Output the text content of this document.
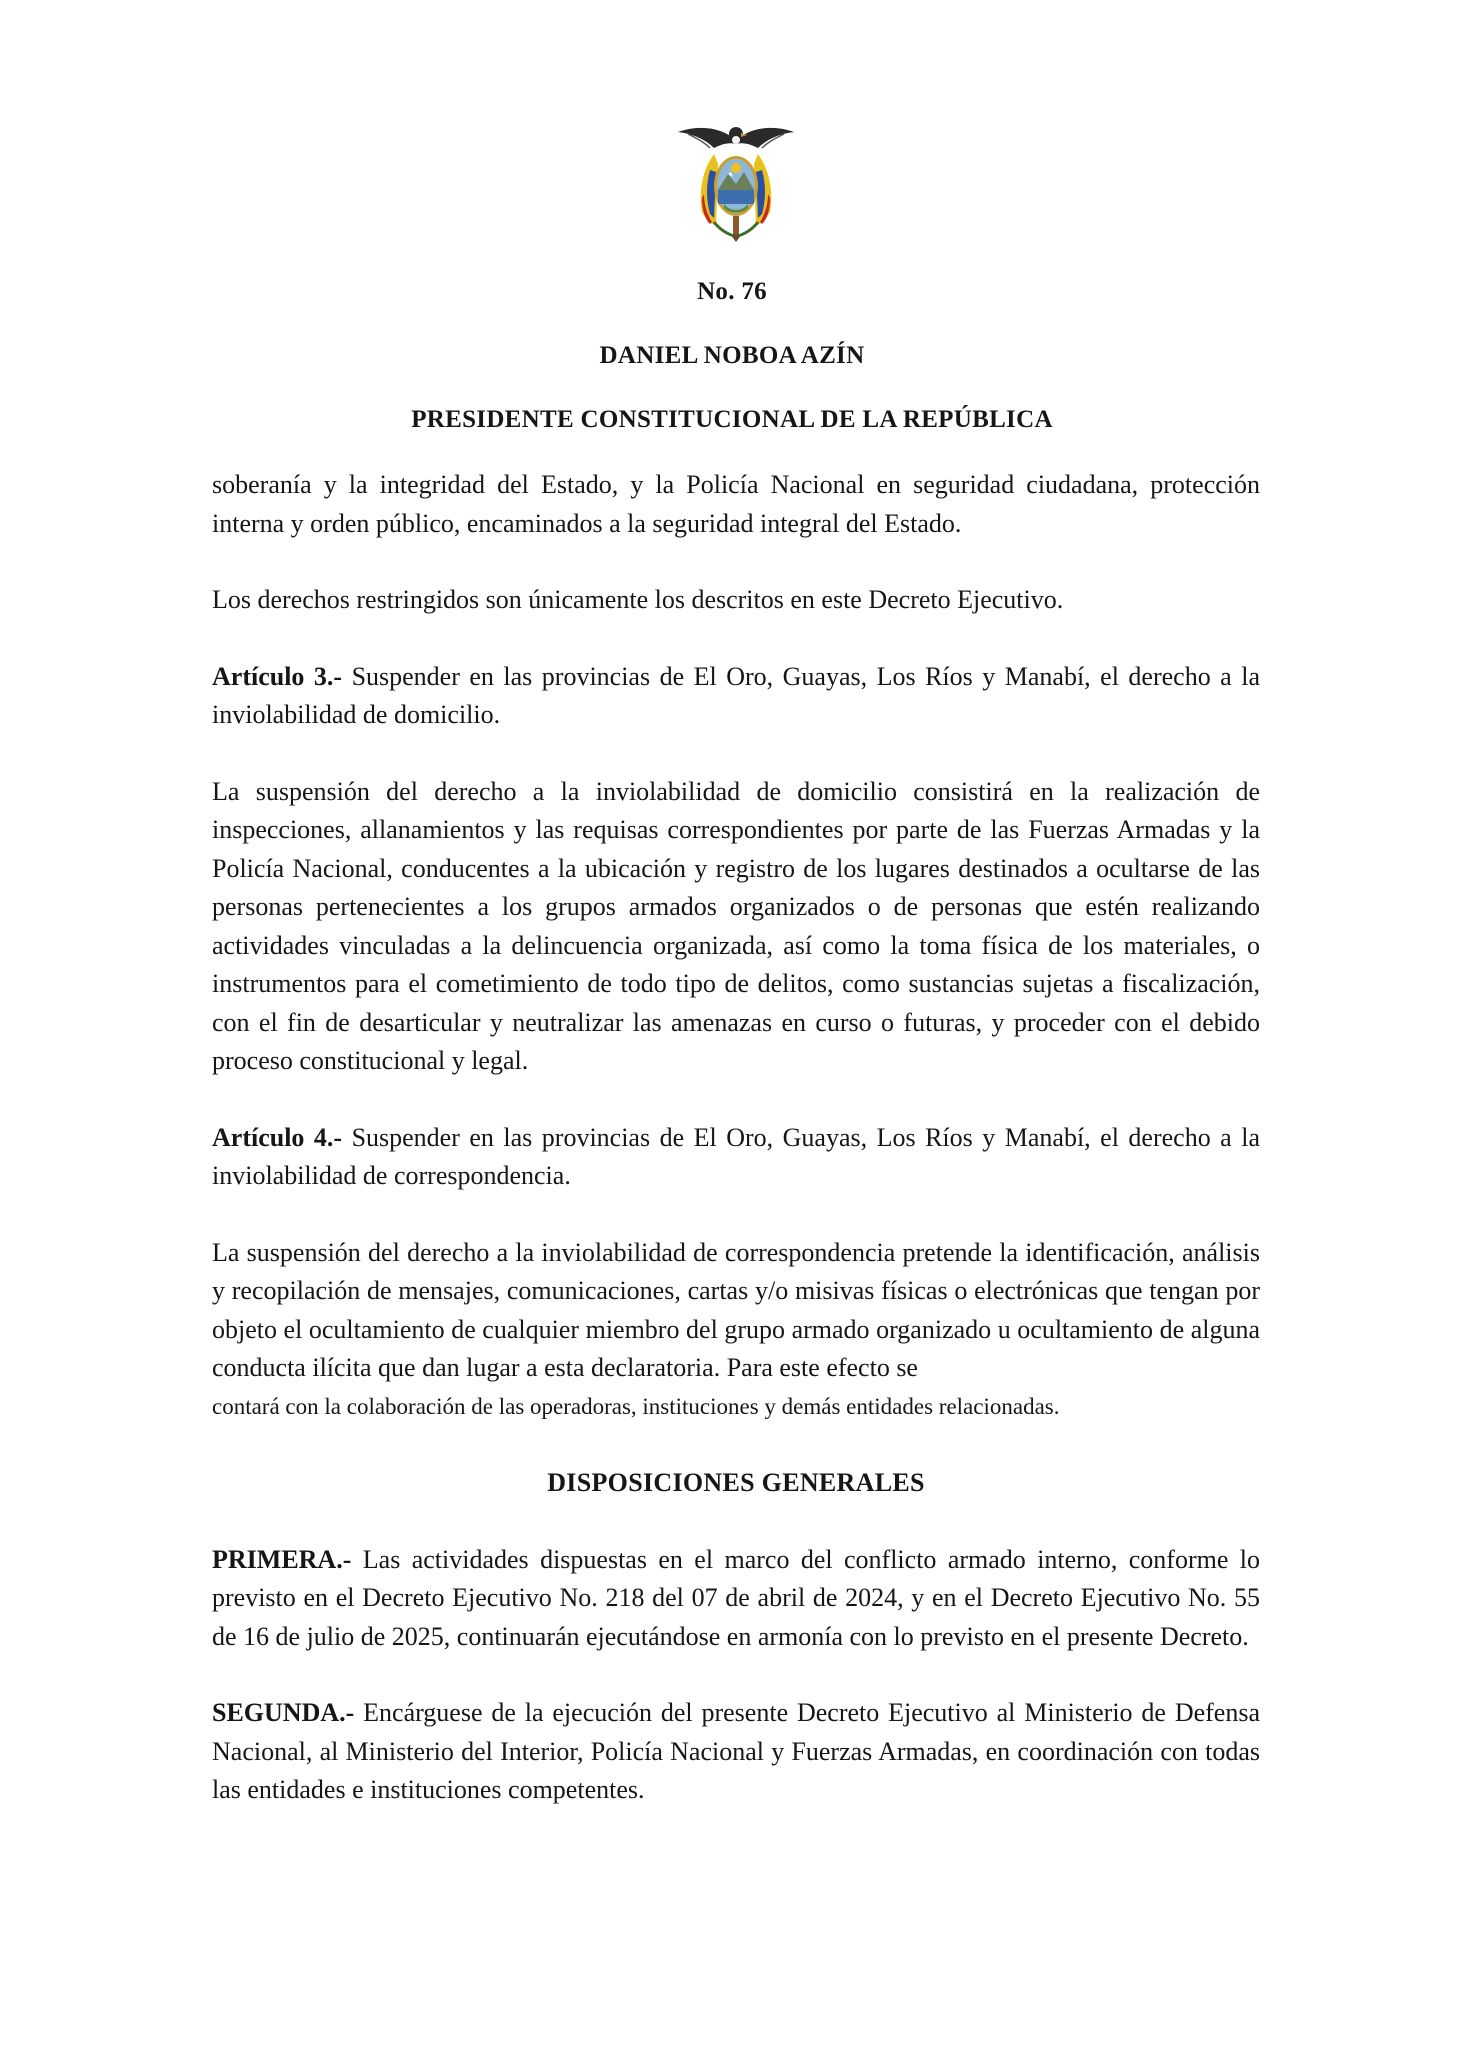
No. 76
DANIEL NOBOA AZÍN
PRESIDENTE CONSTITUCIONAL DE LA REPÚBLICA

soberanía y la integridad del Estado, y la Policía Nacional en seguridad ciudadana, protección interna y orden público, encaminados a la seguridad integral del Estado.

Los derechos restringidos son únicamente los descritos en este Decreto Ejecutivo.

Artículo 3.- Suspender en las provincias de El Oro, Guayas, Los Ríos y Manabí, el derecho a la inviolabilidad de domicilio.

La suspensión del derecho a la inviolabilidad de domicilio consistirá en la realización de inspecciones, allanamientos y las requisas correspondientes por parte de las Fuerzas Armadas y la Policía Nacional, conducentes a la ubicación y registro de los lugares destinados a ocultarse de las personas pertenecientes a los grupos armados organizados o de personas que estén realizando actividades vinculadas a la delincuencia organizada, así como la toma física de los materiales, o instrumentos para el cometimiento de todo tipo de delitos, como sustancias sujetas a fiscalización, con el fin de desarticular y neutralizar las amenazas en curso o futuras, y proceder con el debido proceso constitucional y legal.

Artículo 4.- Suspender en las provincias de El Oro, Guayas, Los Ríos y Manabí, el derecho a la inviolabilidad de correspondencia.

La suspensión del derecho a la inviolabilidad de correspondencia pretende la identificación, análisis y recopilación de mensajes, comunicaciones, cartas y/o misivas físicas o electrónicas que tengan por objeto el ocultamiento de cualquier miembro del grupo armado organizado u ocultamiento de alguna conducta ilícita que dan lugar a esta declaratoria. Para este efecto se

contará con la colaboración de las operadoras, instituciones y demás entidades relacionadas.

DISPOSICIONES GENERALES

PRIMERA.- Las actividades dispuestas en el marco del conflicto armado interno, conforme lo previsto en el Decreto Ejecutivo No. 218 del 07 de abril de 2024, y en el Decreto Ejecutivo No. 55 de 16 de julio de 2025, continuarán ejecutándose en armonía con lo previsto en el presente Decreto.

SEGUNDA.- Encárguese de la ejecución del presente Decreto Ejecutivo al Ministerio de Defensa Nacional, al Ministerio del Interior, Policía Nacional y Fuerzas Armadas, en coordinación con todas las entidades e instituciones competentes.
